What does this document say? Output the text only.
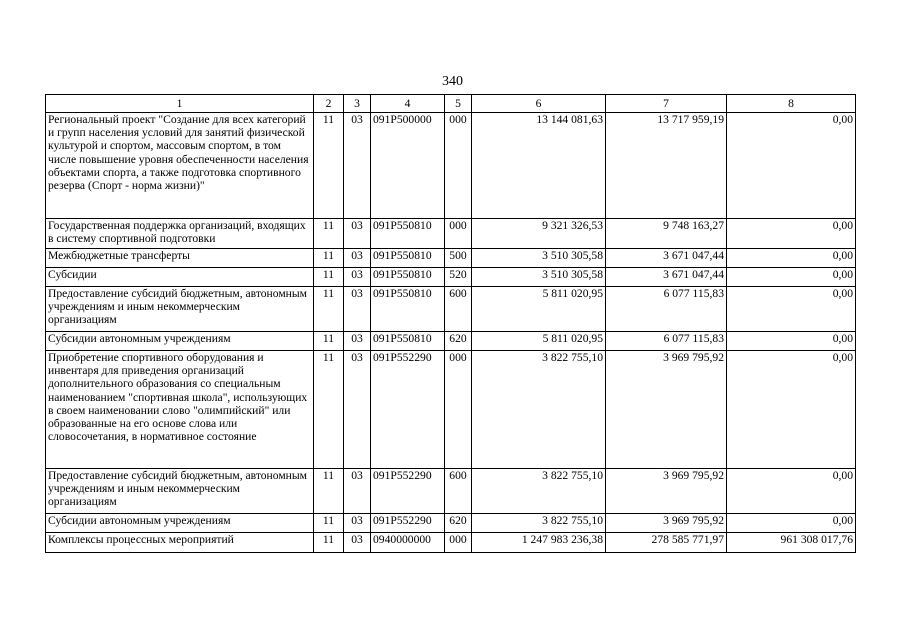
340
1	2	3	4	5	6	7	8
Региональный проект "Создание для всех категорий и групп населения условий для занятий физической культурой и спортом, массовым спортом, в том числе повышение уровня обеспеченности населения объектами спорта, а также подготовка спортивного резерва (Спорт - норма жизни)"	11	03	091P500000	000	13 144 081,63	13 717 959,19	0,00
Государственная поддержка организаций, входящих в систему спортивной подготовки	11	03	091P550810	000	9 321 326,53	9 748 163,27	0,00
Межбюджетные трансферты	11	03	091P550810	500	3 510 305,58	3 671 047,44	0,00
Субсидии	11	03	091P550810	520	3 510 305,58	3 671 047,44	0,00
Предоставление субсидий бюджетным, автономным учреждениям и иным некоммерческим организациям	11	03	091P550810	600	5 811 020,95	6 077 115,83	0,00
Субсидии автономным учреждениям	11	03	091P550810	620	5 811 020,95	6 077 115,83	0,00
Приобретение спортивного оборудования и инвентаря для приведения организаций дополнительного образования со специальным наименованием "спортивная школа", использующих в своем наименовании слово "олимпийский" или образованные на его основе слова или словосочетания, в нормативное состояние	11	03	091P552290	000	3 822 755,10	3 969 795,92	0,00
Предоставление субсидий бюджетным, автономным учреждениям и иным некоммерческим организациям	11	03	091P552290	600	3 822 755,10	3 969 795,92	0,00
Субсидии автономным учреждениям	11	03	091P552290	620	3 822 755,10	3 969 795,92	0,00
Комплексы процессных мероприятий	11	03	0940000000	000	1 247 983 236,38	278 585 771,97	961 308 017,76
